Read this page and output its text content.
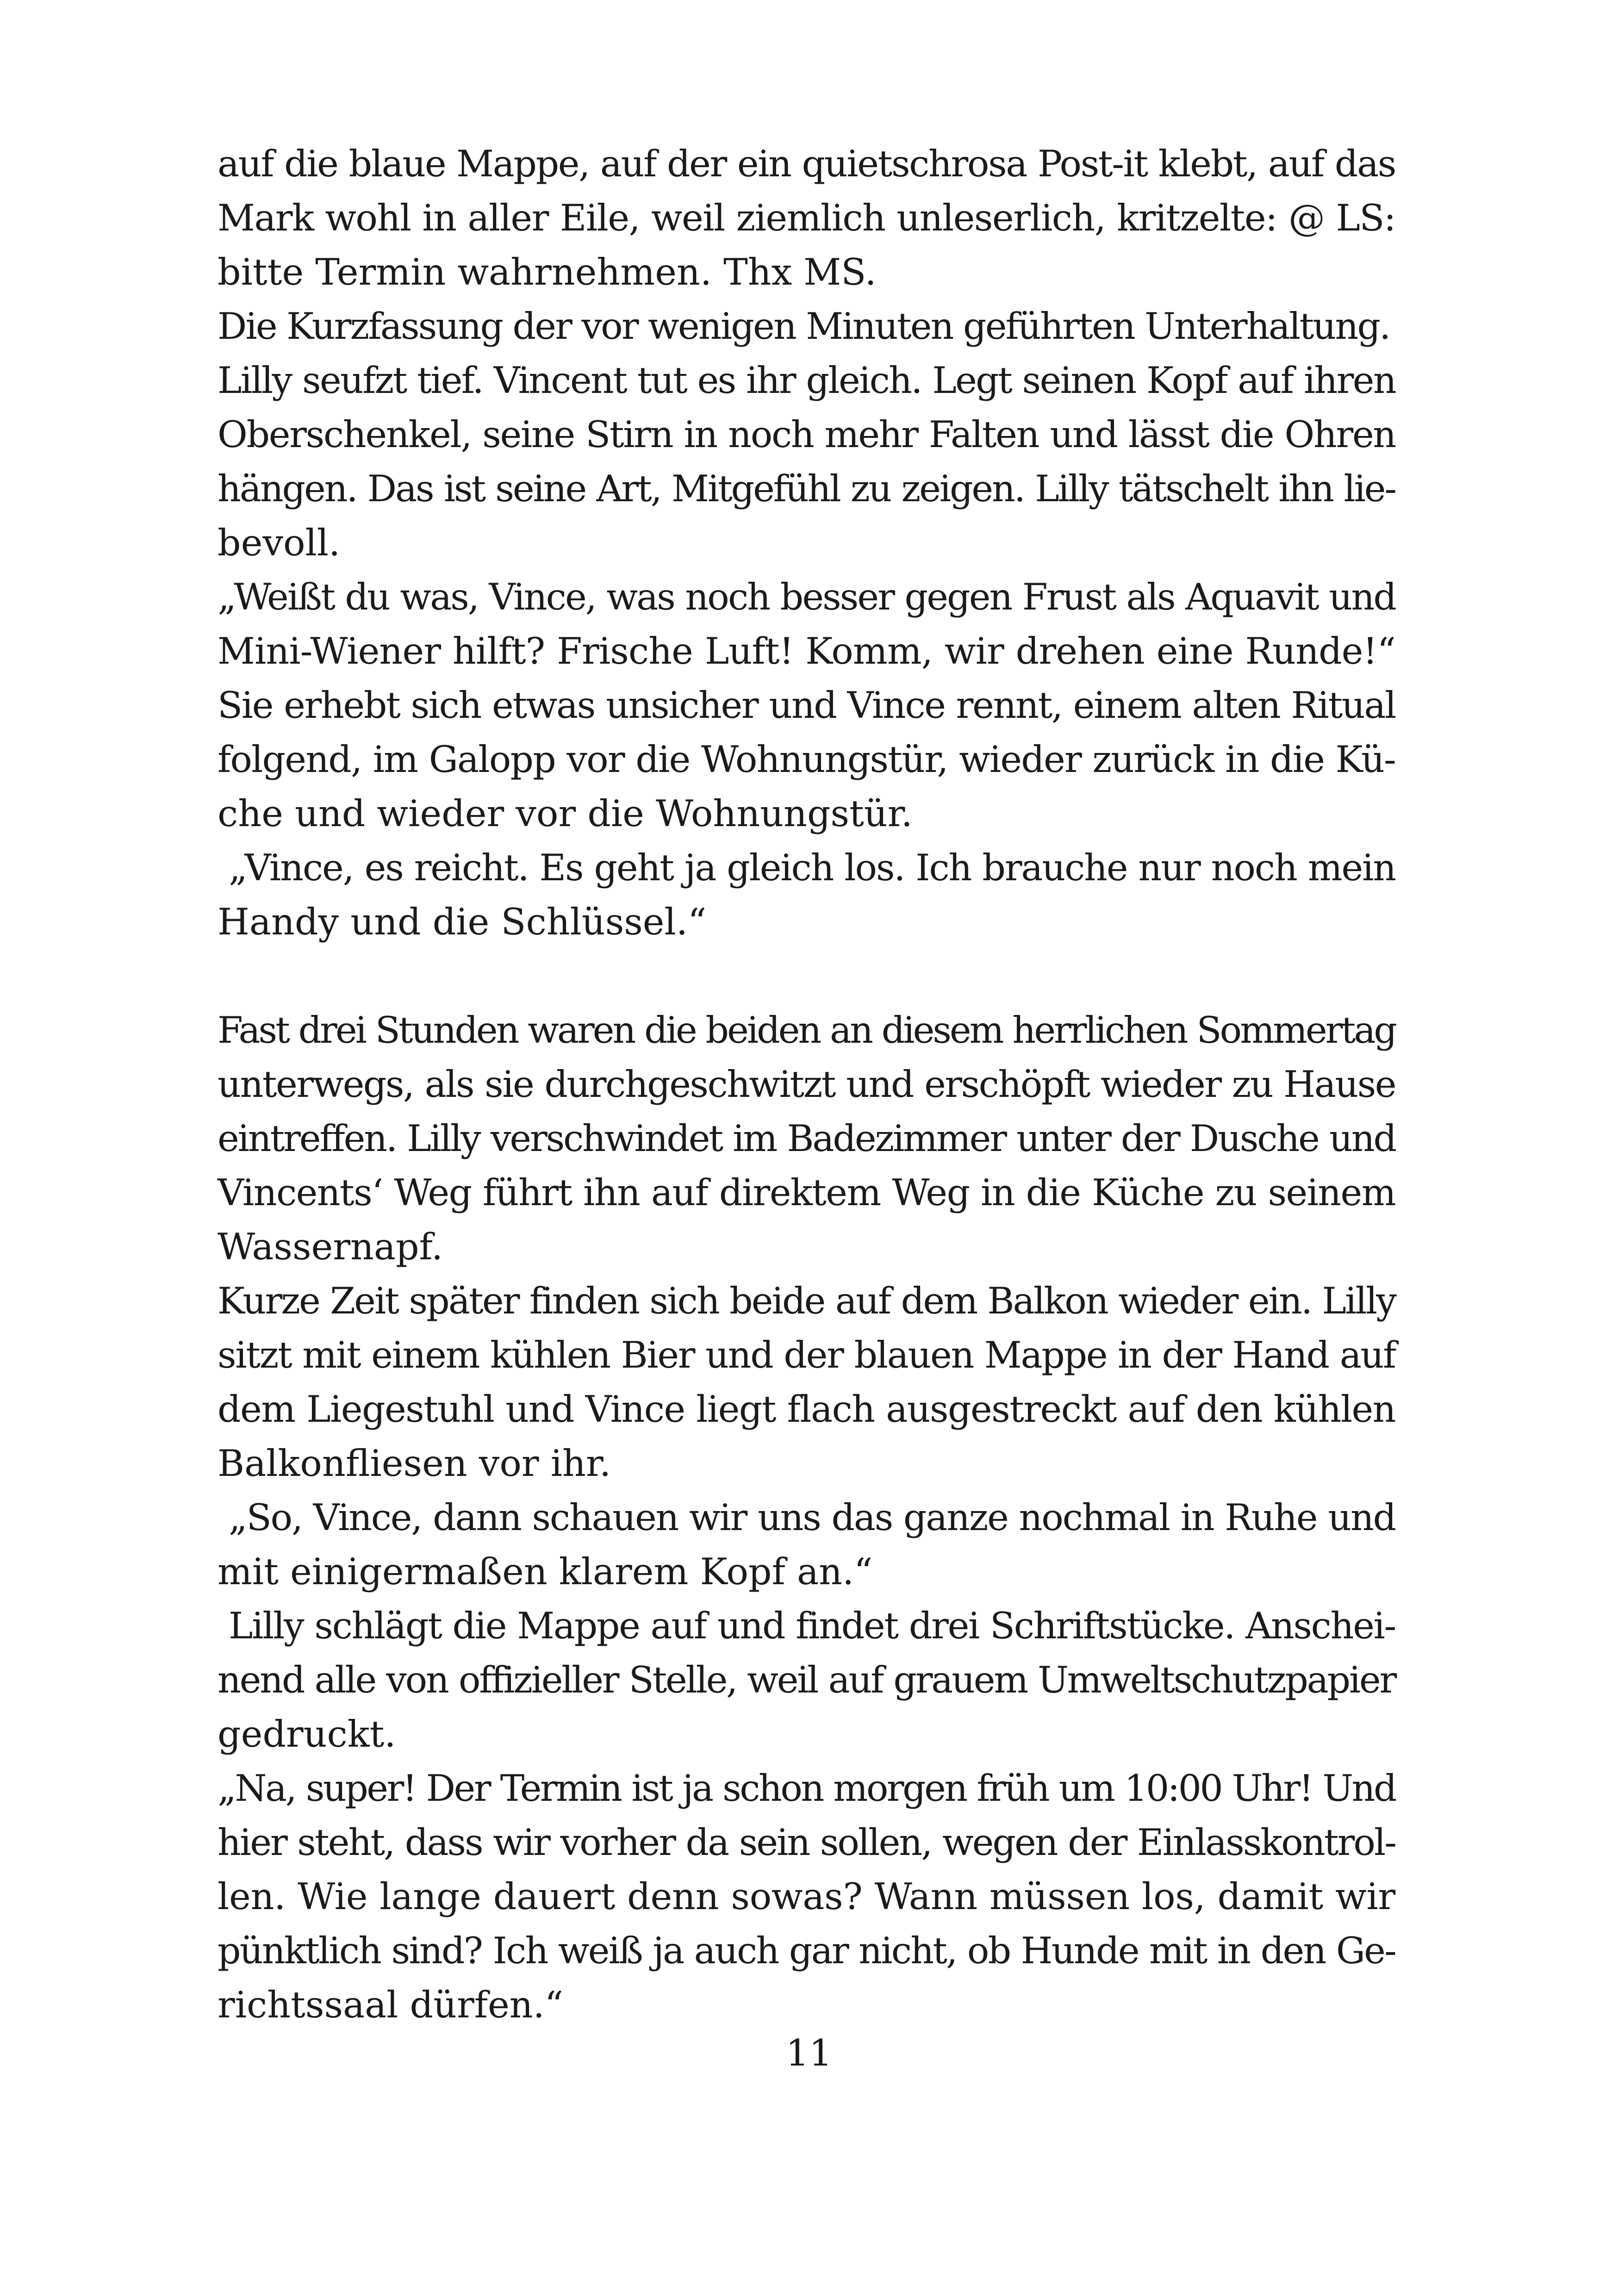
auf die blaue Mappe, auf der ein quietschrosa Post-it klebt, auf das
Mark wohl in aller Eile, weil ziemlich unleserlich, kritzelte: @ LS:
bitte Termin wahrnehmen. Thx MS.
Die Kurzfassung der vor wenigen Minuten geführten Unterhaltung.
Lilly seufzt tief. Vincent tut es ihr gleich. Legt seinen Kopf auf ihren
Oberschenkel, seine Stirn in noch mehr Falten und lässt die Ohren
hängen. Das ist seine Art, Mitgefühl zu zeigen. Lilly tätschelt ihn lie-
bevoll.
„Weißt du was, Vince, was noch besser gegen Frust als Aquavit und
Mini-Wiener hilft? Frische Luft! Komm, wir drehen eine Runde!“
Sie erhebt sich etwas unsicher und Vince rennt, einem alten Ritual
folgend, im Galopp vor die Wohnungstür, wieder zurück in die Kü-
che und wieder vor die Wohnungstür.
„Vince, es reicht. Es geht ja gleich los. Ich brauche nur noch mein
Handy und die Schlüssel.“
Fast drei Stunden waren die beiden an diesem herrlichen Sommertag
unterwegs, als sie durchgeschwitzt und erschöpft wieder zu Hause
eintreffen. Lilly verschwindet im Badezimmer unter der Dusche und
Vincents‘ Weg führt ihn auf direktem Weg in die Küche zu seinem
Wassernapf.
Kurze Zeit später finden sich beide auf dem Balkon wieder ein. Lilly
sitzt mit einem kühlen Bier und der blauen Mappe in der Hand auf
dem Liegestuhl und Vince liegt flach ausgestreckt auf den kühlen
Balkonfliesen vor ihr.
„So, Vince, dann schauen wir uns das ganze nochmal in Ruhe und
mit einigermaßen klarem Kopf an.“
Lilly schlägt die Mappe auf und findet drei Schriftstücke. Anschei-
nend alle von offizieller Stelle, weil auf grauem Umweltschutzpapier
gedruckt.
„Na, super! Der Termin ist ja schon morgen früh um 10:00 Uhr! Und
hier steht, dass wir vorher da sein sollen, wegen der Einlasskontrol-
len. Wie lange dauert denn sowas? Wann müssen los, damit wir
pünktlich sind? Ich weiß ja auch gar nicht, ob Hunde mit in den Ge-
richtssaal dürfen.“
11
